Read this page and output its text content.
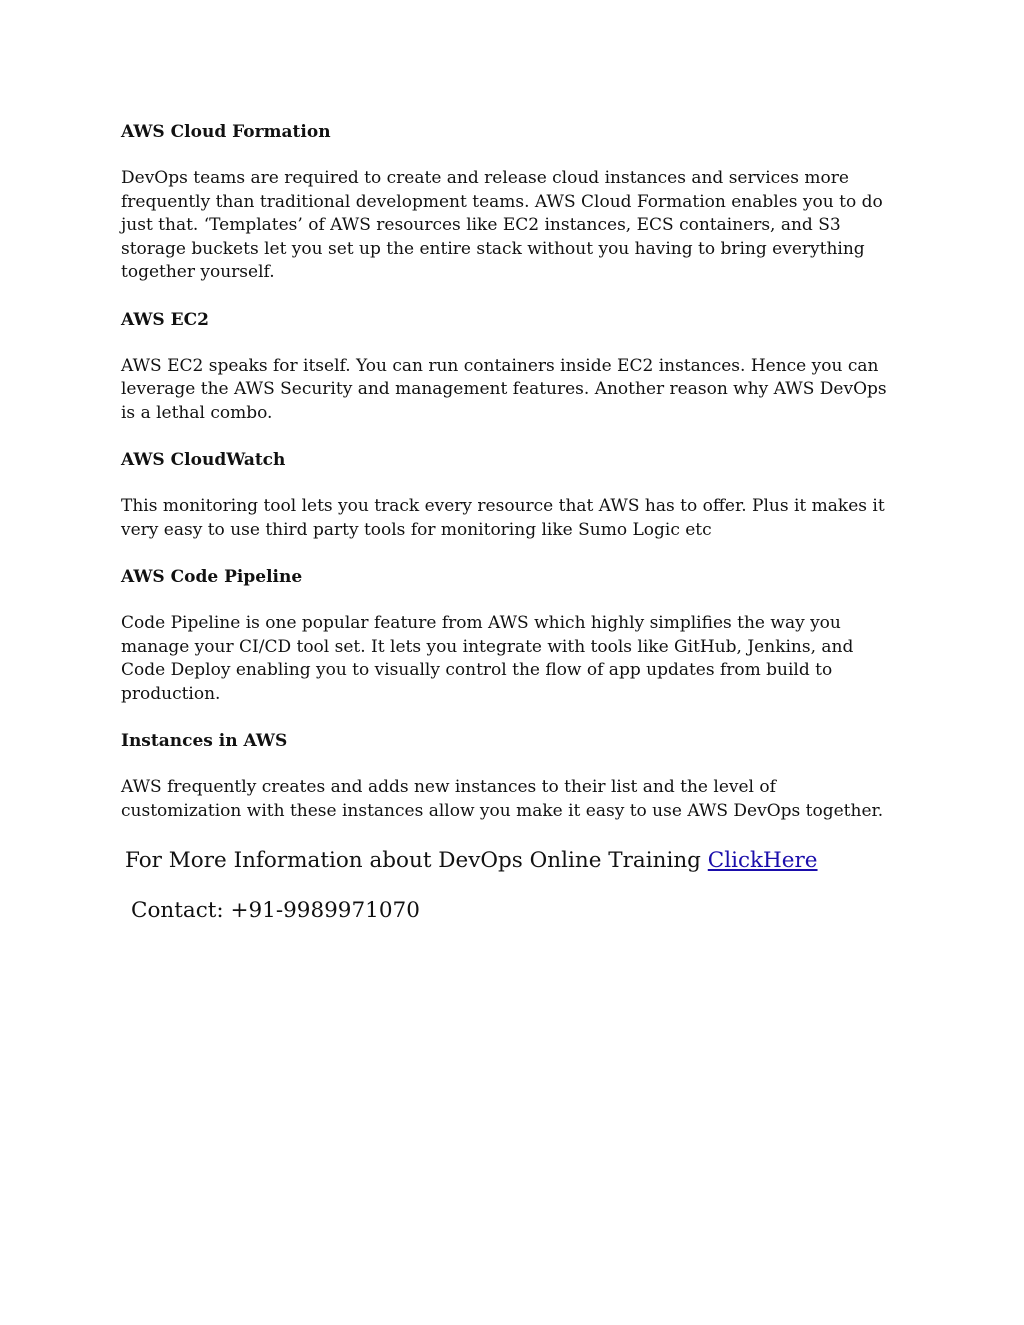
AWS Cloud Formation
DevOps teams are required to create and release cloud instances and services more frequently than traditional development teams. AWS Cloud Formation enables you to do just that. ‘Templates’ of AWS resources like EC2 instances, ECS containers, and S3 storage buckets let you set up the entire stack without you having to bring everything together yourself.
AWS EC2
AWS EC2 speaks for itself. You can run containers inside EC2 instances. Hence you can leverage the AWS Security and management features. Another reason why AWS DevOps is a lethal combo.
AWS CloudWatch
This monitoring tool lets you track every resource that AWS has to offer. Plus it makes it very easy to use third party tools for monitoring like Sumo Logic etc
AWS Code Pipeline
Code Pipeline is one popular feature from AWS which highly simplifies the way you manage your CI/CD tool set. It lets you integrate with tools like GitHub, Jenkins, and Code Deploy enabling you to visually control the flow of app updates from build to production.
Instances in AWS
AWS frequently creates and adds new instances to their list and the level of customization with these instances allow you make it easy to use AWS DevOps together.
For More Information about DevOps Online Training ClickHere
Contact: +91-9989971070
